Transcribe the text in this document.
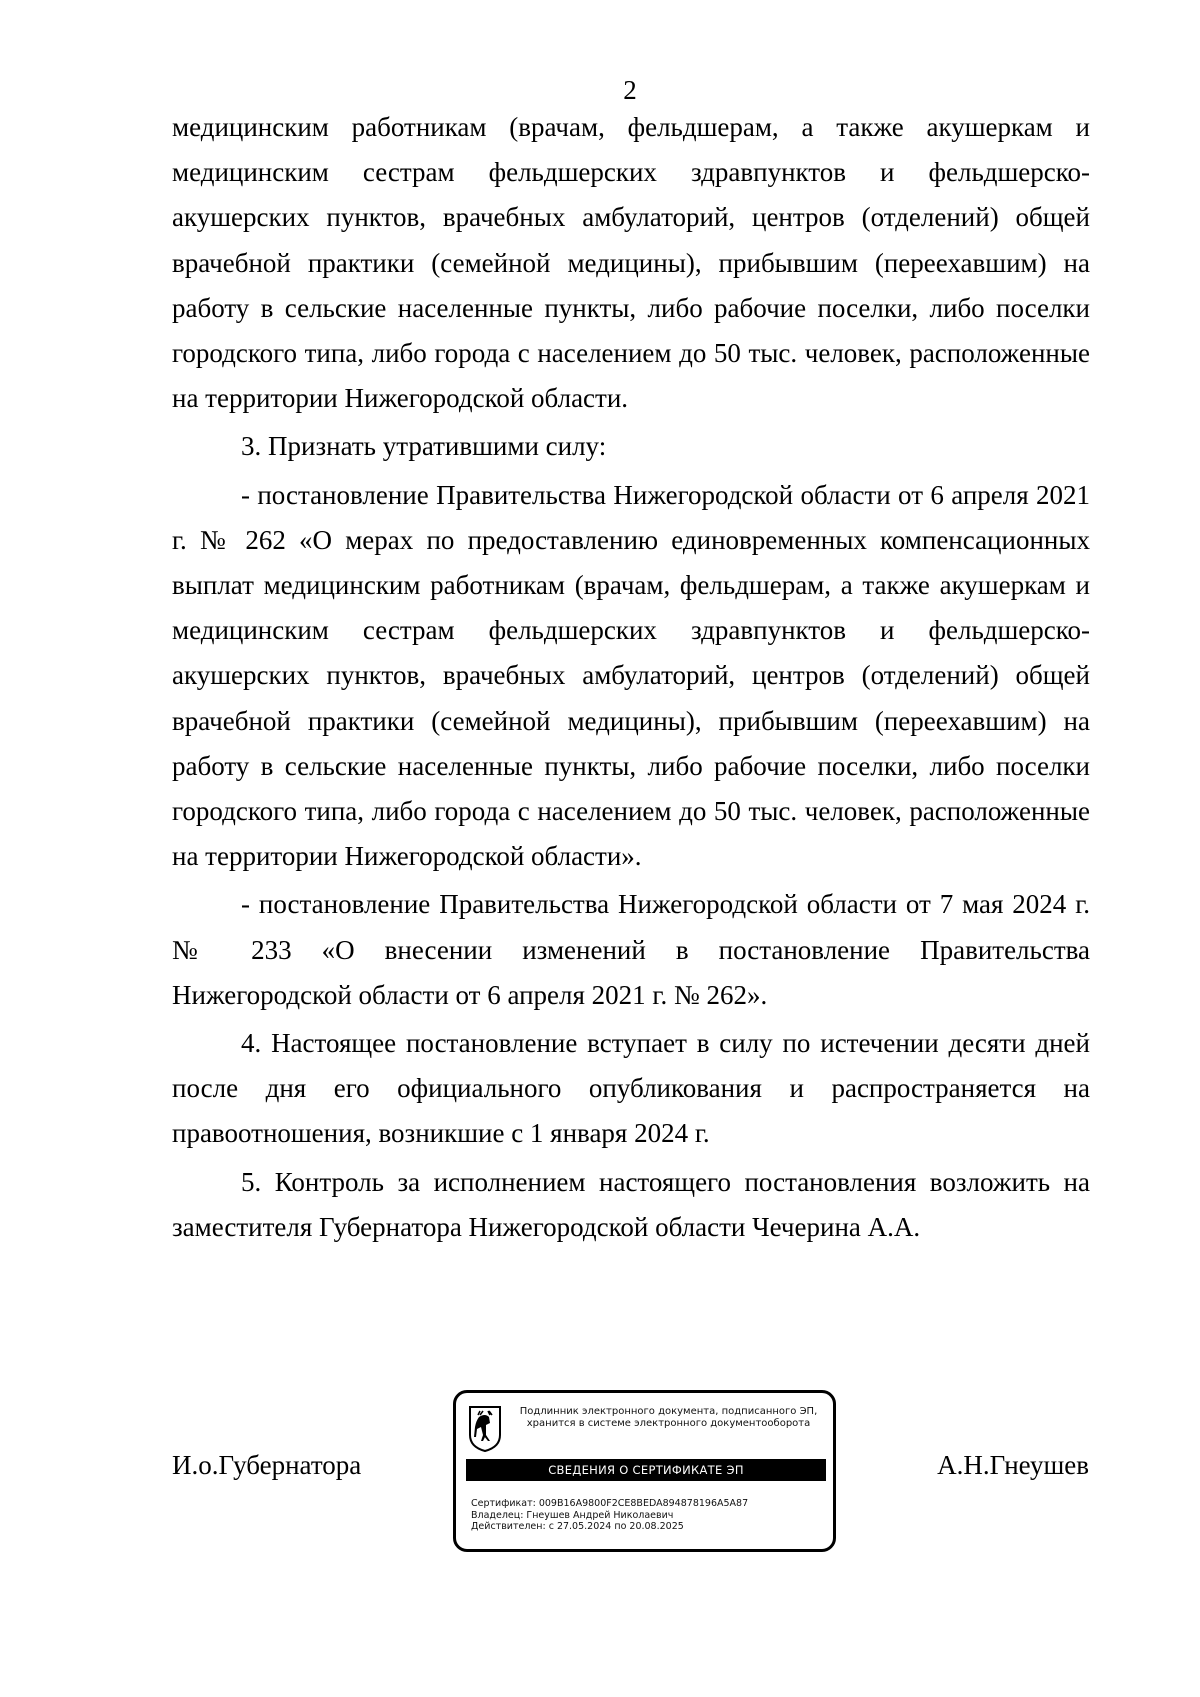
2

медицинским работникам (врачам, фельдшерам, а также акушеркам и медицинским сестрам фельдшерских здравпунктов и фельдшерско-акушерских пунктов, врачебных амбулаторий, центров (отделений) общей врачебной практики (семейной медицины), прибывшим (переехавшим) на работу в сельские населенные пункты, либо рабочие поселки, либо поселки городского типа, либо города с населением до 50 тыс. человек, расположенные на территории Нижегородской области.

3. Признать утратившими силу:

- постановление Правительства Нижегородской области от 6 апреля 2021 г. № 262 «О мерах по предоставлению единовременных компенсационных выплат медицинским работникам (врачам, фельдшерам, а также акушеркам и медицинским сестрам фельдшерских здравпунктов и фельдшерско-акушерских пунктов, врачебных амбулаторий, центров (отделений) общей врачебной практики (семейной медицины), прибывшим (переехавшим) на работу в сельские населенные пункты, либо рабочие поселки, либо поселки городского типа, либо города с населением до 50 тыс. человек, расположенные на территории Нижегородской области».

- постановление Правительства Нижегородской области от 7 мая 2024 г. № 233 «О внесении изменений в постановление Правительства Нижегородской области от 6 апреля 2021 г. № 262».

4. Настоящее постановление вступает в силу по истечении десяти дней после дня его официального опубликования и распространяется на правоотношения, возникшие с 1 января 2024 г.

5. Контроль за исполнением настоящего постановления возложить на заместителя Губернатора Нижегородской области Чечерина А.А.

И.о.Губернатора
Подлинник электронного документа, подписанного ЭП,
хранится в системе электронного документооборота
СВЕДЕНИЯ О СЕРТИФИКАТЕ ЭП
Сертификат: 009B16A9800F2CE8BEDA894878196A5A87
Владелец: Гнеушев Андрей Николаевич
Действителен: с 27.05.2024 по 20.08.2025
А.Н.Гнеушев
